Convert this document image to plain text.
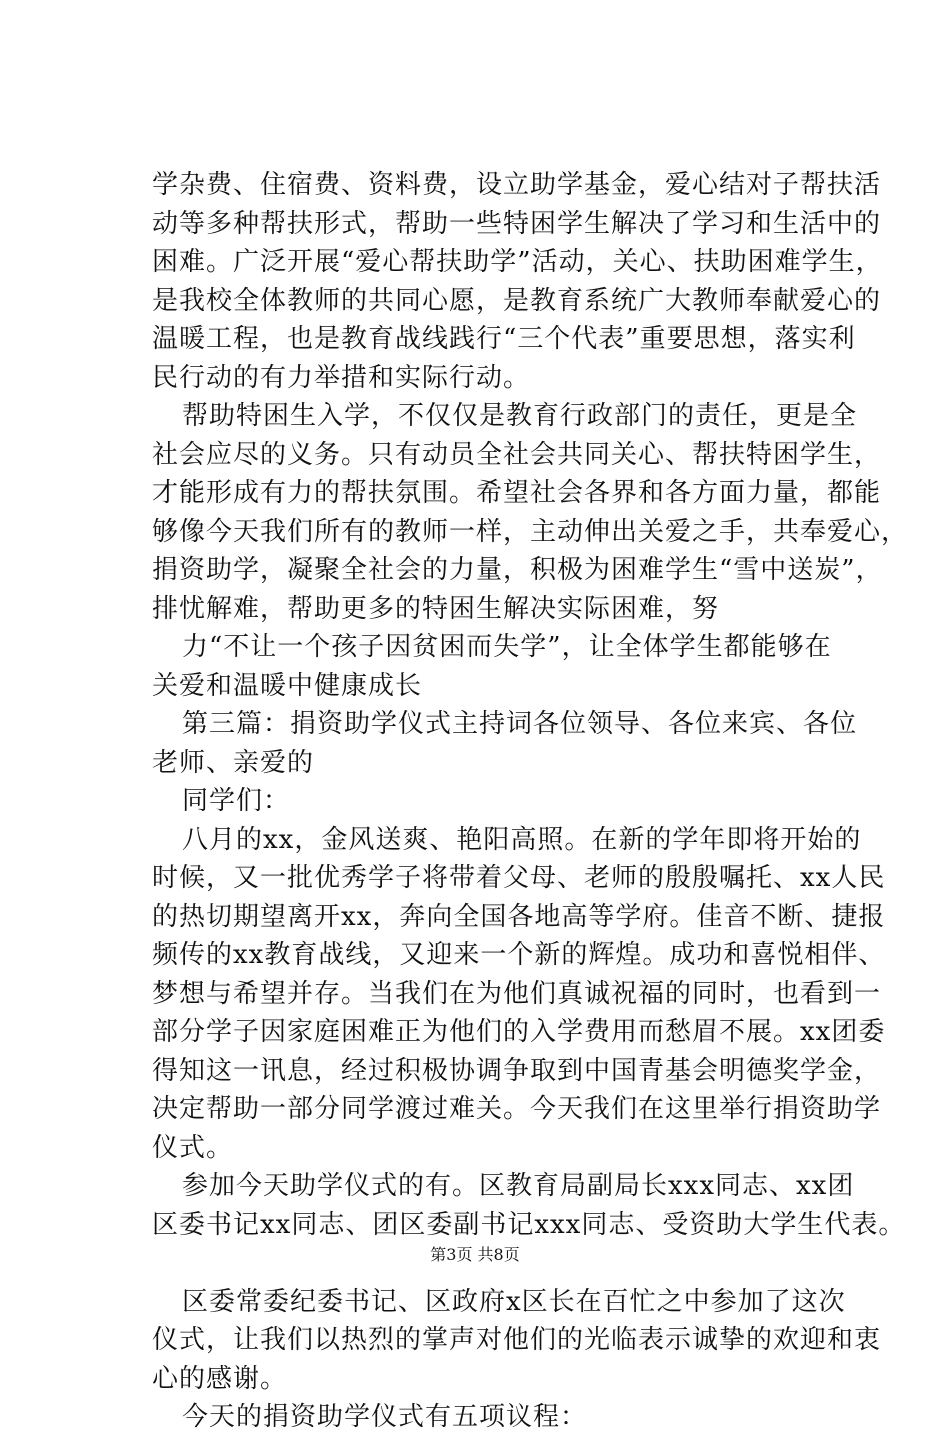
学杂费、住宿费、资料费，设立助学基金，爱心结对子帮扶活
动等多种帮扶形式，帮助一些特困学生解决了学习和生活中的
困难。广泛开展“爱心帮扶助学”活动，关心、扶助困难学生，
是我校全体教师的共同心愿，是教育系统广大教师奉献爱心的
温暖工程，也是教育战线践行“三个代表”重要思想，落实利
民行动的有力举措和实际行动。
帮助特困生入学，不仅仅是教育行政部门的责任，更是全
社会应尽的义务。只有动员全社会共同关心、帮扶特困学生，
才能形成有力的帮扶氛围。希望社会各界和各方面力量，都能
够像今天我们所有的教师一样，主动伸出关爱之手，共奉爱心，
捐资助学，凝聚全社会的力量，积极为困难学生“雪中送炭”，
排忧解难，帮助更多的特困生解决实际困难，努
力“不让一个孩子因贫困而失学”，让全体学生都能够在
关爱和温暖中健康成长
第三篇：捐资助学仪式主持词各位领导、各位来宾、各位
老师、亲爱的
同学们：
八月的xx，金风送爽、艳阳高照。在新的学年即将开始的
时候，又一批优秀学子将带着父母、老师的殷殷嘱托、xx人民
的热切期望离开xx，奔向全国各地高等学府。佳音不断、捷报
频传的xx教育战线，又迎来一个新的辉煌。成功和喜悦相伴、
梦想与希望并存。当我们在为他们真诚祝福的同时，也看到一
部分学子因家庭困难正为他们的入学费用而愁眉不展。xx团委
得知这一讯息，经过积极协调争取到中国青基会明德奖学金，
决定帮助一部分同学渡过难关。今天我们在这里举行捐资助学
仪式。
参加今天助学仪式的有。区教育局副局长xxx同志、xx团
区委书记xx同志、团区委副书记xxx同志、受资助大学生代表。
区委常委纪委书记、区政府x区长在百忙之中参加了这次
仪式，让我们以热烈的掌声对他们的光临表示诚挚的欢迎和衷
心的感谢。
今天的捐资助学仪式有五项议程：
第3页 共8页
